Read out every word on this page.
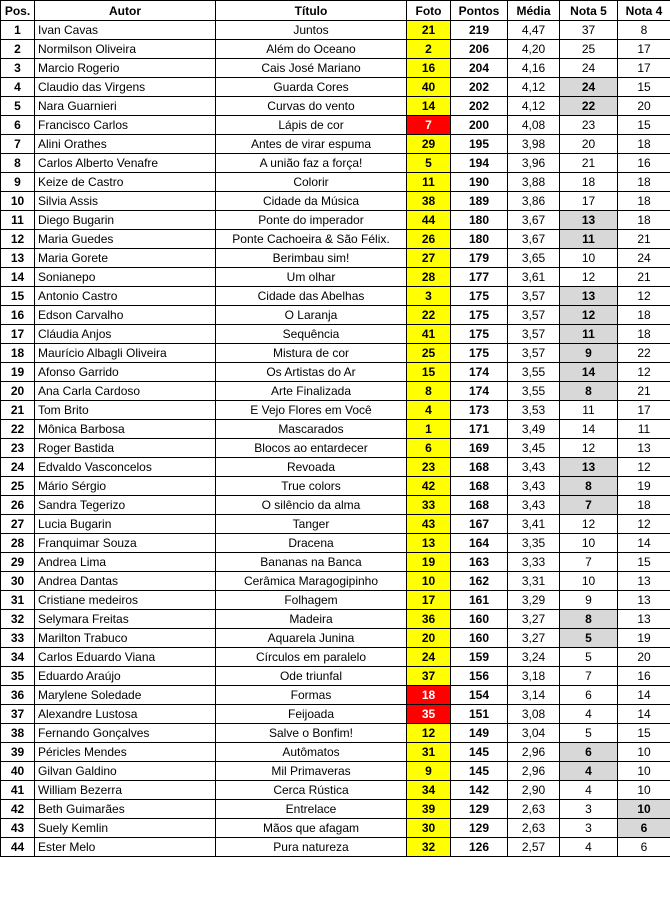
Pos.	Autor	Título	Foto	Pontos	Média	Nota 5	Nota 4
1	Ivan Cavas	Juntos	21	219	4,47	37	8
2	Normilson Oliveira	Além do Oceano	2	206	4,20	25	17
3	Marcio Rogerio	Cais José Mariano	16	204	4,16	24	17
4	Claudio das Virgens	Guarda Cores	40	202	4,12	24	15
5	Nara Guarnieri	Curvas do vento	14	202	4,12	22	20
6	Francisco Carlos	Lápis de cor	7	200	4,08	23	15
7	Alini Orathes	Antes de virar espuma	29	195	3,98	20	18
8	Carlos Alberto Venafre	A união faz a força!	5	194	3,96	21	16
9	Keize de Castro	Colorir	11	190	3,88	18	18
10	Silvia Assis	Cidade da Música	38	189	3,86	17	18
11	Diego Bugarin	Ponte do imperador	44	180	3,67	13	18
12	Maria Guedes	Ponte Cachoeira & São Félix.	26	180	3,67	11	21
13	Maria Gorete	Berimbau sim!	27	179	3,65	10	24
14	Sonianepo	Um olhar	28	177	3,61	12	21
15	Antonio Castro	Cidade das Abelhas	3	175	3,57	13	12
16	Edson Carvalho	O Laranja	22	175	3,57	12	18
17	Cláudia Anjos	Sequência	41	175	3,57	11	18
18	Maurício Albagli Oliveira	Mistura de cor	25	175	3,57	9	22
19	Afonso Garrido	Os Artistas do Ar	15	174	3,55	14	12
20	Ana Carla Cardoso	Arte Finalizada	8	174	3,55	8	21
21	Tom Brito	E Vejo Flores em Você	4	173	3,53	11	17
22	Mônica Barbosa	Mascarados	1	171	3,49	14	11
23	Roger Bastida	Blocos ao entardecer	6	169	3,45	12	13
24	Edvaldo Vasconcelos	Revoada	23	168	3,43	13	12
25	Mário Sérgio	True colors	42	168	3,43	8	19
26	Sandra Tegerizo	O silêncio da alma	33	168	3,43	7	18
27	Lucia Bugarin	Tanger	43	167	3,41	12	12
28	Franquimar Souza	Dracena	13	164	3,35	10	14
29	Andrea Lima	Bananas na Banca	19	163	3,33	7	15
30	Andrea Dantas	Cerâmica Maragogipinho	10	162	3,31	10	13
31	Cristiane medeiros	Folhagem	17	161	3,29	9	13
32	Selymara Freitas	Madeira	36	160	3,27	8	13
33	Marilton Trabuco	Aquarela Junina	20	160	3,27	5	19
34	Carlos Eduardo Viana	Círculos em paralelo	24	159	3,24	5	20
35	Eduardo Araújo	Ode triunfal	37	156	3,18	7	16
36	Marylene Soledade	Formas	18	154	3,14	6	14
37	Alexandre Lustosa	Feijoada	35	151	3,08	4	14
38	Fernando Gonçalves	Salve o Bonfim!	12	149	3,04	5	15
39	Péricles Mendes	Autômatos	31	145	2,96	6	10
40	Gilvan Galdino	Mil Primaveras	9	145	2,96	4	10
41	William Bezerra	Cerca Rústica	34	142	2,90	4	10
42	Beth Guimarães	Entrelace	39	129	2,63	3	10
43	Suely Kemlin	Mãos que afagam	30	129	2,63	3	6
44	Ester Melo	Pura natureza	32	126	2,57	4	6
